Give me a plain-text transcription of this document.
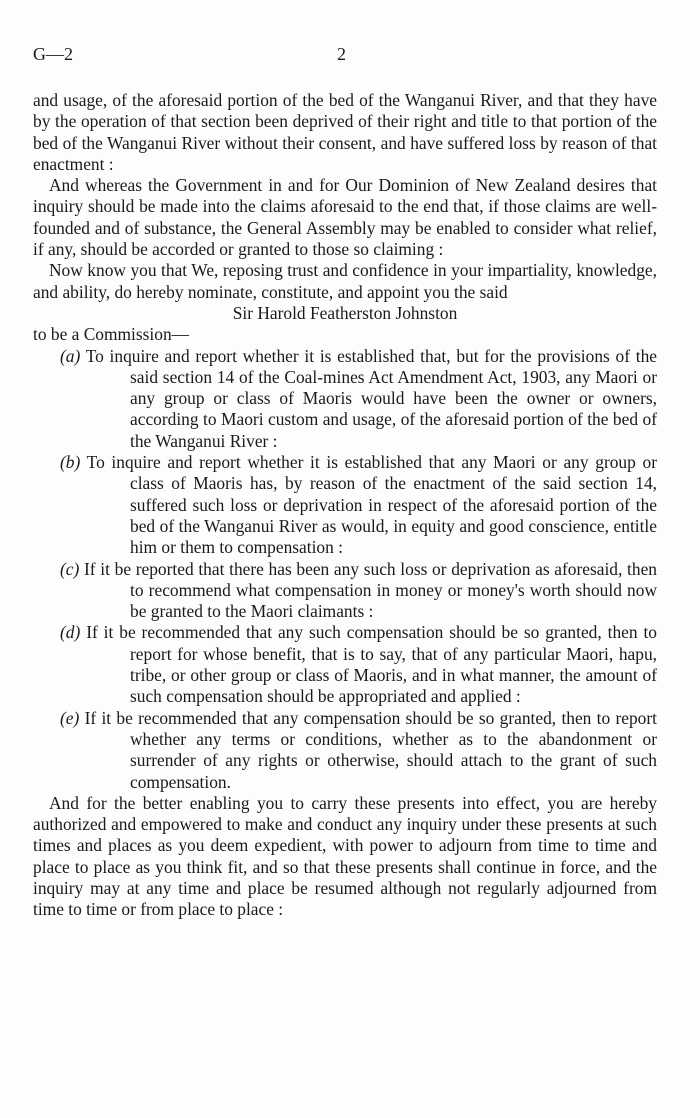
G—2	2

and usage, of the aforesaid portion of the bed of the Wanganui River, and that they have by the operation of that section been deprived of their right and title to that portion of the bed of the Wanganui River without their consent, and have suffered loss by reason of that enactment :

And whereas the Government in and for Our Dominion of New Zealand desires that inquiry should be made into the claims aforesaid to the end that, if those claims are well-founded and of substance, the General Assembly may be enabled to consider what relief, if any, should be accorded or granted to those so claiming :

Now know you that We, reposing trust and confidence in your impartiality, knowledge, and ability, do hereby nominate, constitute, and appoint you the said

Sir Harold Featherston Johnston

to be a Commission—

(a) To inquire and report whether it is established that, but for the provisions of the said section 14 of the Coal-mines Act Amendment Act, 1903, any Maori or any group or class of Maoris would have been the owner or owners, according to Maori custom and usage, of the aforesaid portion of the bed of the Wanganui River :
(b) To inquire and report whether it is established that any Maori or any group or class of Maoris has, by reason of the enactment of the said section 14, suffered such loss or deprivation in respect of the aforesaid portion of the bed of the Wanganui River as would, in equity and good conscience, entitle him or them to compensation :
(c) If it be reported that there has been any such loss or deprivation as aforesaid, then to recommend what compensation in money or money's worth should now be granted to the Maori claimants :
(d) If it be recommended that any such compensation should be so granted, then to report for whose benefit, that is to say, that of any particular Maori, hapu, tribe, or other group or class of Maoris, and in what manner, the amount of such compensation should be appropriated and applied :
(e) If it be recommended that any compensation should be so granted, then to report whether any terms or conditions, whether as to the abandonment or surrender of any rights or otherwise, should attach to the grant of such compensation.

And for the better enabling you to carry these presents into effect, you are hereby authorized and empowered to make and conduct any inquiry under these presents at such times and places as you deem expedient, with power to adjourn from time to time and place to place as you think fit, and so that these presents shall continue in force, and the inquiry may at any time and place be resumed although not regularly adjourned from time to time or from place to place :
